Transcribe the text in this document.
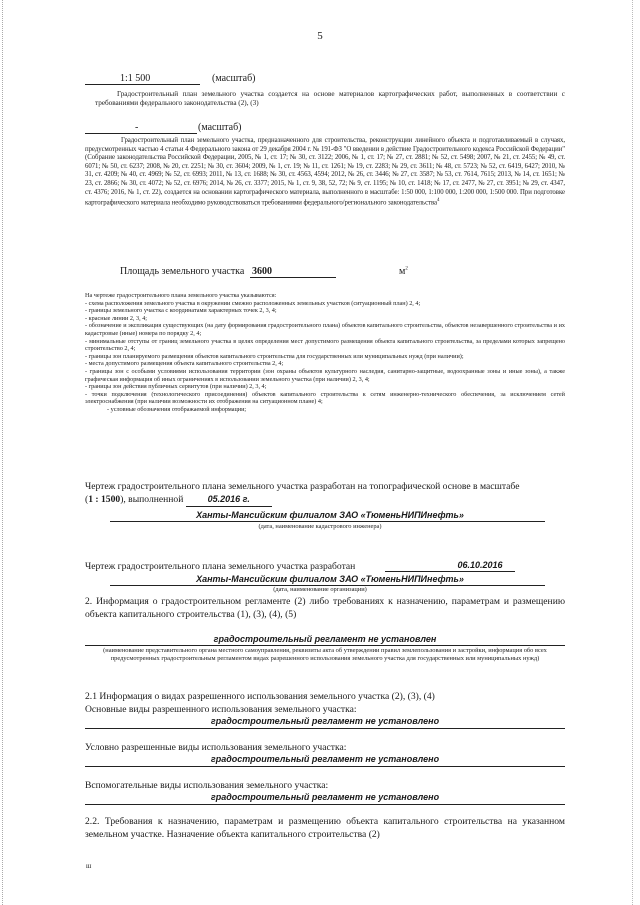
5
1:1 500	(масштаб)

Градостроительный план земельного участка создается на основе материалов картографических работ, выполненных в соответствии с требованиями федерального законодательства (2), (3)

-	(масштаб)

Градостроительный план земельного участка, предназначенного для строительства, реконструкции линейного объекта и подготавливаемый в случаях, предусмотренных частью 4 статьи 4 Федерального закона от 29 декабря 2004 г. № 191-ФЗ "О введении в действие Градостроительного кодекса Российской Федерации" (Собрание законодательства Российской Федерации, 2005, № 1, ст. 17; № 30, ст. 3122; 2006, № 1, ст. 17; № 27, ст. 2881; № 52, ст. 5498; 2007, № 21, ст. 2455; № 49, ст. 6071; № 50, ст. 6237; 2008, № 20, ст. 2251; № 30, ст. 3604; 2009, № 1, ст. 19; № 11, ст. 1261; № 19, ст. 2283; № 29, ст. 3611; № 48, ст. 5723; № 52, ст. 6419, 6427; 2010, № 31, ст. 4209; № 40, ст. 4969; № 52, ст. 6993; 2011, № 13, ст. 1688; № 30, ст. 4563, 4594; 2012, № 26, ст. 3446; № 27, ст. 3587; № 53, ст. 7614, 7615; 2013, № 14, ст. 1651; № 23, ст. 2866; № 30, ст. 4072; № 52, ст. 6976; 2014, № 26, ст. 3377; 2015, № 1, ст. 9, 38, 52, 72; № 9, ст. 1195; № 10, ст. 1418; № 17, ст. 2477, № 27, ст. 3951; № 29, ст. 4347, ст. 4376; 2016, № 1, ст. 22), создается на основании картографического материала, выполненного в масштабе: 1:50 000, 1:100 000, 1:200 000, 1:500 000. При подготовке картографического материала необходимо руководствоваться требованиями федерального/регионального законодательства$^4$

Площадь земельного участка 3600	$м^2$
На чертеже градостроительного плана земельного участка указываются:
- схема расположения земельного участка в окружении смежно расположенных земельных участков (ситуационный план) 2, 4;
- границы земельного участка с координатами характерных точек 2, 3, 4;
- красные линии 2, 3, 4;
- обозначение и экспликация существующих (на дату формирования градостроительного плана) объектов капитального строительства, объектов незавершенного строительства и их кадастровые (иные) номера по порядку 2, 4;
- минимальные отступы от границ земельного участка в целях определения мест допустимого размещения объекта капитального строительства, за пределами которых запрещено строительство 2, 4;
- границы зон планируемого размещения объектов капитального строительства для государственных или муниципальных нужд (при наличии);
- места допустимого размещения объекта капитального строительства 2, 4;
- границы зон с особыми условиями использования территории (зон охраны объектов культурного наследия, санитарно-защитные, водоохранные зоны и иные зоны), а также графическая информация об иных ограничениях в использовании земельного участка (при наличии) 2, 3, 4;
- границы зон действия публичных сервитутов (при наличии) 2, 3, 4;
- точки подключения (технологического присоединения) объектов капитального строительства к сетям инженерно-технического обеспечения, за исключением сетей электроснабжения (при наличии возможности их отображения на ситуационном плане) 4;
- условные обозначения отображаемой информации;
Чертеж градостроительного плана земельного участка разработан на топографической основе в масштабе
(1 : 1500), выполненной	05.2016 г.
Ханты-Мансийским филиалом ЗАО «ТюменьНИПИнефть»
(дата, наименование кадастрового инженера)
Чертеж градостроительного плана земельного участка разработан	06.10.2016
Ханты-Мансийским филиалом ЗАО «ТюменьНИПИнефть»
(дата, наименование организации)

2. Информация о градостроительном регламенте (2) либо требованиях к назначению, параметрам и размещению объекта капитального строительства (1), (3), (4), (5)

градостроительный регламент не установлен
(наименование представительного органа местного самоуправления, реквизиты акта об утверждении правил землепользования и застройки, информация обо всех предусмотренных градостроительным регламентом видах разрешенного использования земельного участка для государственных или муниципальных нужд)
2.1 Информация о видах разрешенного использования земельного участка (2), (3), (4)
Основные виды разрешенного использования земельного участка:
градостроительный регламент не установлено
Условно разрешенные виды использования земельного участка:
градостроительный регламент не установлено
Вспомогательные виды использования земельного участка:
градостроительный регламент не установлено

2.2. Требования к назначению, параметрам и размещению объекта капитального строительства на указанном земельном участке. Назначение объекта капитального строительства (2)

ш
